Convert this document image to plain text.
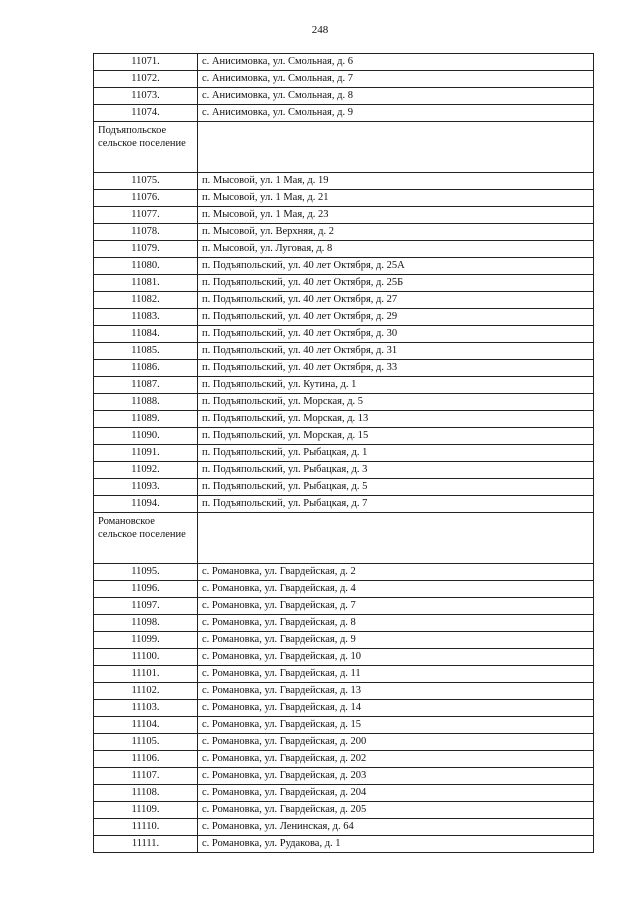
248
11071.	с. Анисимовка, ул. Смольная, д. 6
11072.	с. Анисимовка, ул. Смольная, д. 7
11073.	с. Анисимовка, ул. Смольная, д. 8
11074.	с. Анисимовка, ул. Смольная, д. 9
Подъяпольское сельское поселение	
11075.	п. Мысовой, ул. 1 Мая, д. 19
11076.	п. Мысовой, ул. 1 Мая, д. 21
11077.	п. Мысовой, ул. 1 Мая, д. 23
11078.	п. Мысовой, ул. Верхняя, д. 2
11079.	п. Мысовой, ул. Луговая, д. 8
11080.	п. Подъяпольский, ул. 40 лет Октября, д. 25А
11081.	п. Подъяпольский, ул. 40 лет Октября, д. 25Б
11082.	п. Подъяпольский, ул. 40 лет Октября, д. 27
11083.	п. Подъяпольский, ул. 40 лет Октября, д. 29
11084.	п. Подъяпольский, ул. 40 лет Октября, д. 30
11085.	п. Подъяпольский, ул. 40 лет Октября, д. 31
11086.	п. Подъяпольский, ул. 40 лет Октября, д. 33
11087.	п. Подъяпольский, ул. Кутина, д. 1
11088.	п. Подъяпольский, ул. Морская, д. 5
11089.	п. Подъяпольский, ул. Морская, д. 13
11090.	п. Подъяпольский, ул. Морская, д. 15
11091.	п. Подъяпольский, ул. Рыбацкая, д. 1
11092.	п. Подъяпольский, ул. Рыбацкая, д. 3
11093.	п. Подъяпольский, ул. Рыбацкая, д. 5
11094.	п. Подъяпольский, ул. Рыбацкая, д. 7
Романовское сельское поселение	
11095.	с. Романовка, ул. Гвардейская, д. 2
11096.	с. Романовка, ул. Гвардейская, д. 4
11097.	с. Романовка, ул. Гвардейская, д. 7
11098.	с. Романовка, ул. Гвардейская, д. 8
11099.	с. Романовка, ул. Гвардейская, д. 9
11100.	с. Романовка, ул. Гвардейская, д. 10
11101.	с. Романовка, ул. Гвардейская, д. 11
11102.	с. Романовка, ул. Гвардейская, д. 13
11103.	с. Романовка, ул. Гвардейская, д. 14
11104.	с. Романовка, ул. Гвардейская, д. 15
11105.	с. Романовка, ул. Гвардейская, д. 200
11106.	с. Романовка, ул. Гвардейская, д. 202
11107.	с. Романовка, ул. Гвардейская, д. 203
11108.	с. Романовка, ул. Гвардейская, д. 204
11109.	с. Романовка, ул. Гвардейская, д. 205
11110.	с. Романовка, ул. Ленинская, д. 64
11111.	с. Романовка, ул. Рудакова, д. 1
